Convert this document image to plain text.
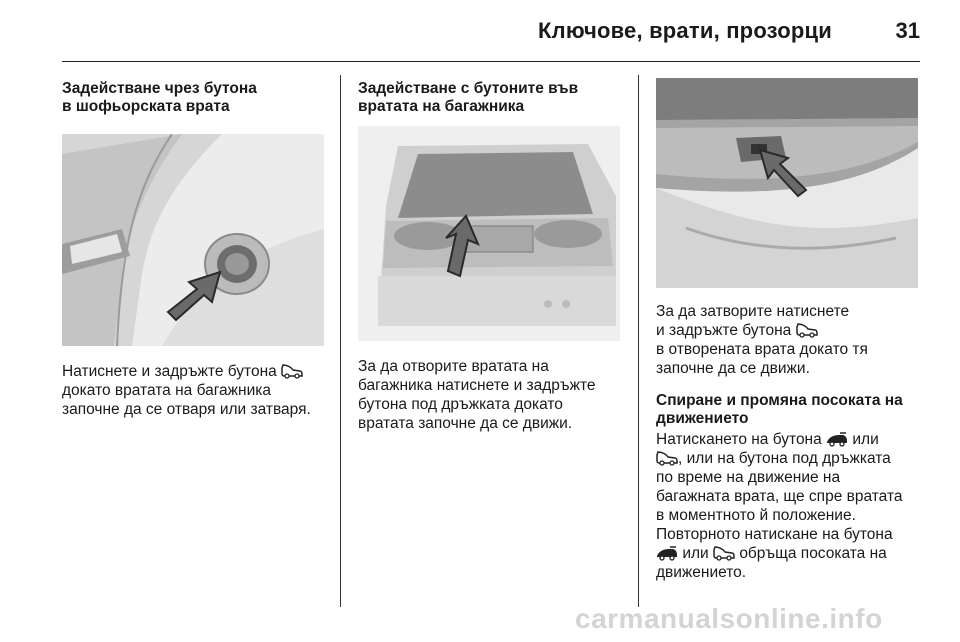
Ключове, врати, прозорци	31
Задействане чрез бутона
в шофьорската врата

Натиснете и задръжте бутона
докато вратата на багажника
започне да се отваря или затваря.

Задействане с бутоните във
вратата на багажника

За да отворите вратата на
багажника натиснете и задръжте
бутона под дръжката докато
вратата започне да се движи.

За да затворите натиснете
и задръжте бутона
в отворената врата докато тя
започне да се движи.

Спиране и промяна посоката на
движението

Натискането на бутона или
, или на бутона под дръжката
по време на движение на
багажната врата, ще спре вратата
в моментното й положение.
Повторното натискане на бутона
или обръща посоката на
движението.

carmanualsonline.info
